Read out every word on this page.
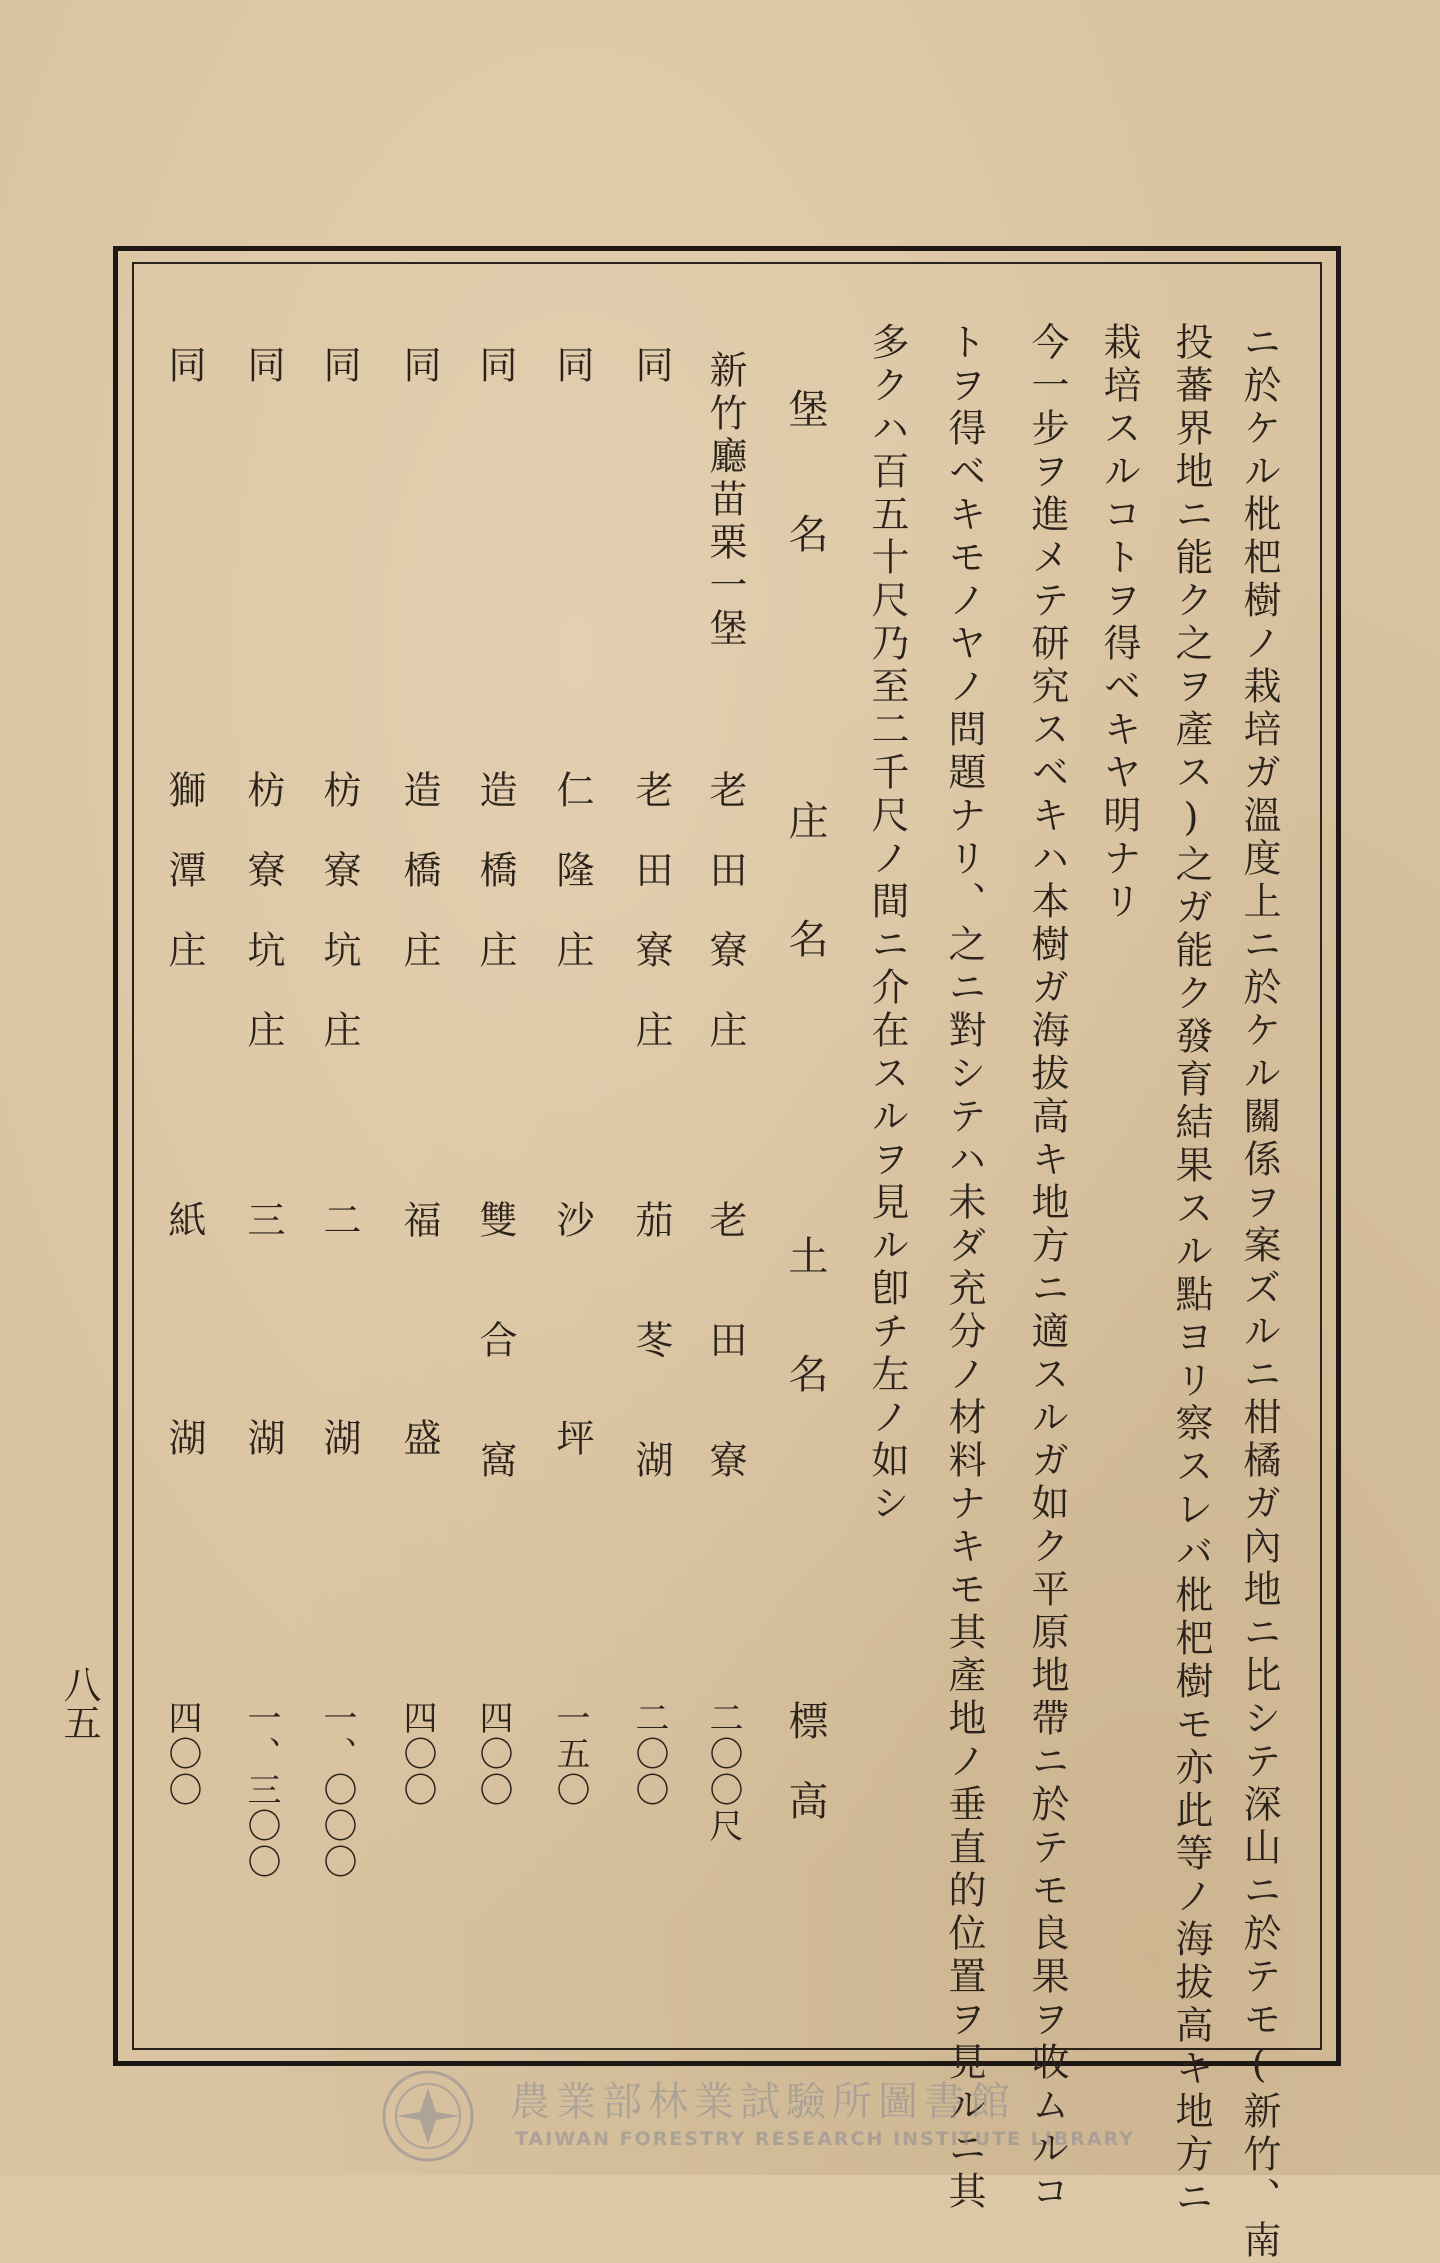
ニ於ケル枇杷樹ノ栽培ガ溫度上ニ於ケル關係ヲ案ズルニ柑橘ガ內地ニ比シテ深山ニ於テモ(新竹、南
投蕃界地ニ能ク之ヲ產ス)之ガ能ク發育結果スル點ヨリ察スレバ枇杷樹モ亦此等ノ海拔高キ地方ニ
栽培スルコトヲ得ベキヤ明ナリ
今一步ヲ進メテ研究スベキハ本樹ガ海拔高キ地方ニ適スルガ如ク平原地帶ニ於テモ良果ヲ收ムルコ
トヲ得ベキモノヤノ問題ナリ、之ニ對シテハ未ダ充分ノ材料ナキモ其產地ノ垂直的位置ヲ見ルニ其
多クハ百五十尺乃至二千尺ノ間ニ介在スルヲ見ル卽チ左ノ如シ
堡名
庄名
土名
標高
新竹廳苗栗一堡
同
同
同
同
同
同
同
老田寮庄
老田寮庄
仁隆庄
造橋庄
造橋庄
枋寮坑庄
枋寮坑庄
獅潭庄
老田寮
茄苳湖
沙坪
雙合窩
福盛
二湖
三湖
紙湖
二〇〇尺
二〇〇
一五〇
四〇〇
四〇〇
一、〇〇〇
一、三〇〇
四〇〇
八五
農業部林業試驗所圖書館
TAIWAN FORESTRY RESEARCH INSTITUTE LIBRARY
